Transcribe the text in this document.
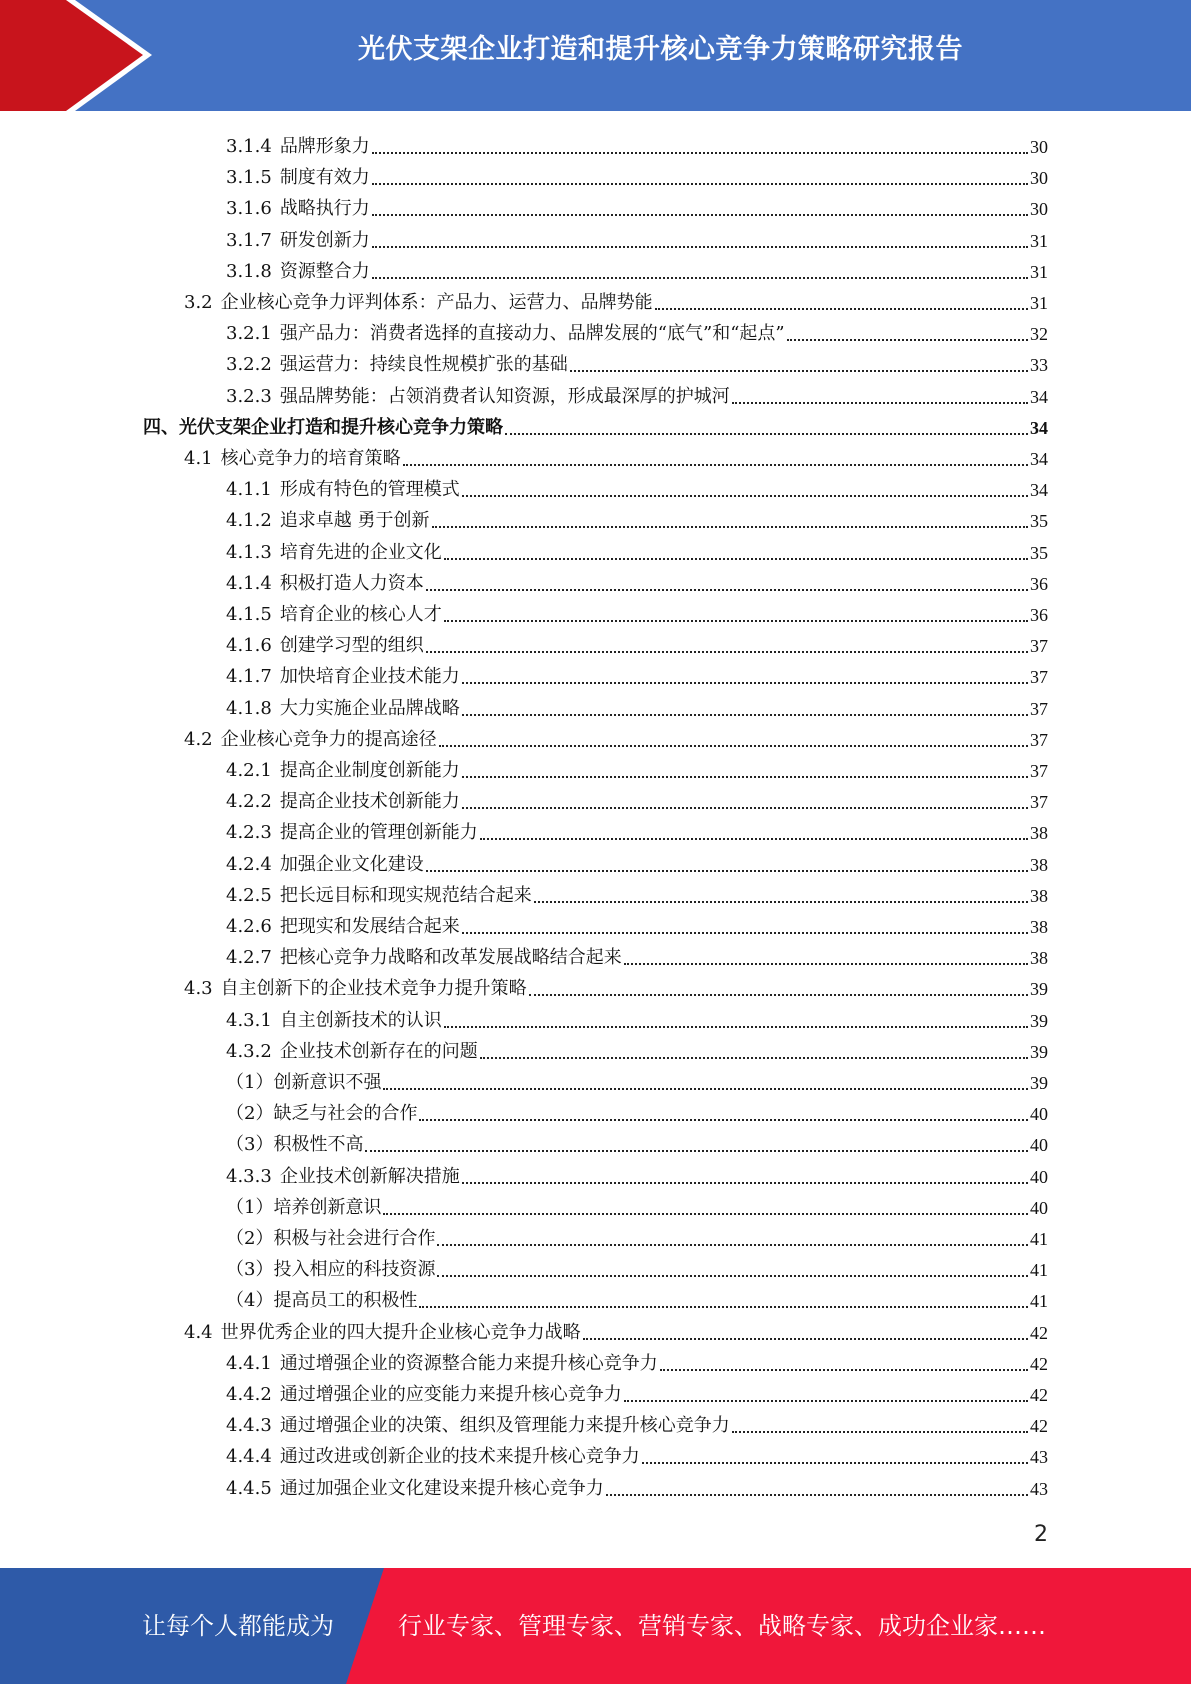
光伏支架企业打造和提升核心竞争力策略研究报告
3.1.4 品牌形象力	30
3.1.5 制度有效力	30
3.1.6 战略执行力	30
3.1.7 研发创新力	31
3.1.8 资源整合力	31
3.2 企业核心竞争力评判体系：产品力、运营力、品牌势能	31
3.2.1 强产品力：消费者选择的直接动力、品牌发展的“底气”和“起点”	32
3.2.2 强运营力：持续良性规模扩张的基础	33
3.2.3 强品牌势能：占领消费者认知资源，形成最深厚的护城河	34
四、光伏支架企业打造和提升核心竞争力策略	34
4.1 核心竞争力的培育策略	34
4.1.1 形成有特色的管理模式	34
4.1.2 追求卓越 勇于创新	35
4.1.3 培育先进的企业文化	35
4.1.4 积极打造人力资本	36
4.1.5 培育企业的核心人才	36
4.1.6 创建学习型的组织	37
4.1.7 加快培育企业技术能力	37
4.1.8 大力实施企业品牌战略	37
4.2 企业核心竞争力的提高途径	37
4.2.1 提高企业制度创新能力	37
4.2.2 提高企业技术创新能力	37
4.2.3 提高企业的管理创新能力	38
4.2.4 加强企业文化建设	38
4.2.5 把长远目标和现实规范结合起来	38
4.2.6 把现实和发展结合起来	38
4.2.7 把核心竞争力战略和改革发展战略结合起来	38
4.3 自主创新下的企业技术竞争力提升策略	39
4.3.1 自主创新技术的认识	39
4.3.2 企业技术创新存在的问题	39
（1）创新意识不强	39
（2）缺乏与社会的合作	40
（3）积极性不高	40
4.3.3 企业技术创新解决措施	40
（1）培养创新意识	40
（2）积极与社会进行合作	41
（3）投入相应的科技资源	41
（4）提高员工的积极性	41
4.4 世界优秀企业的四大提升企业核心竞争力战略	42
4.4.1 通过增强企业的资源整合能力来提升核心竞争力	42
4.4.2 通过增强企业的应变能力来提升核心竞争力	42
4.4.3 通过增强企业的决策、组织及管理能力来提升核心竞争力	42
4.4.4 通过改进或创新企业的技术来提升核心竞争力	43
4.4.5 通过加强企业文化建设来提升核心竞争力	43
2
让每个人都能成为	行业专家、管理专家、营销专家、战略专家、成功企业家……
